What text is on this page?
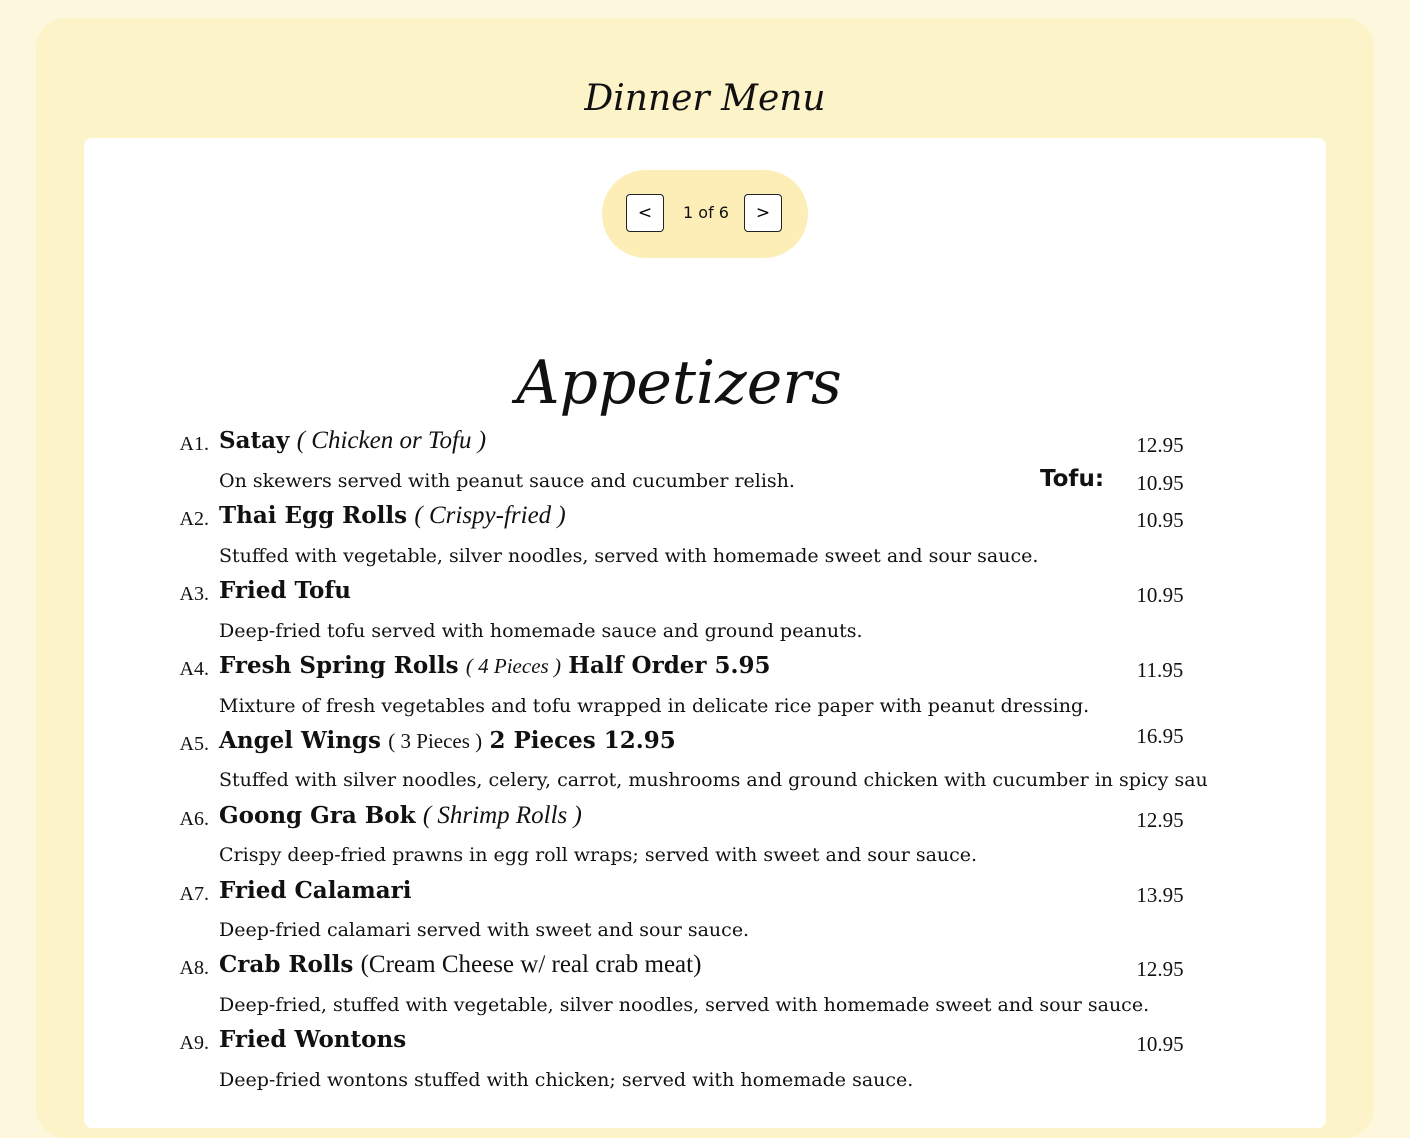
Dinner Menu
<	1 of 6	>
Appetizers
A1. Satay ( Chicken or Tofu )	12.95
On skewers served with peanut sauce and cucumber relish.	Tofu: 10.95
A2. Thai Egg Rolls ( Crispy-fried )	10.95
Stuffed with vegetable, silver noodles, served with homemade sweet and sour sauce.
A3. Fried Tofu	10.95
Deep-fried tofu served with homemade sauce and ground peanuts.
A4. Fresh Spring Rolls ( 4 Pieces ) Half Order 5.95	11.95
Mixture of fresh vegetables and tofu wrapped in delicate rice paper with peanut dressing.
A5. Angel Wings ( 3 Pieces ) 2 Pieces 12.95	16.95
Stuffed with silver noodles, celery, carrot, mushrooms and ground chicken with cucumber in spicy sau
A6. Goong Gra Bok ( Shrimp Rolls )	12.95
Crispy deep-fried prawns in egg roll wraps; served with sweet and sour sauce.
A7. Fried Calamari	13.95
Deep-fried calamari served with sweet and sour sauce.
A8. Crab Rolls (Cream Cheese w/ real crab meat)	12.95
Deep-fried, stuffed with vegetable, silver noodles, served with homemade sweet and sour sauce.
A9. Fried Wontons	10.95
Deep-fried wontons stuffed with chicken; served with homemade sauce.
